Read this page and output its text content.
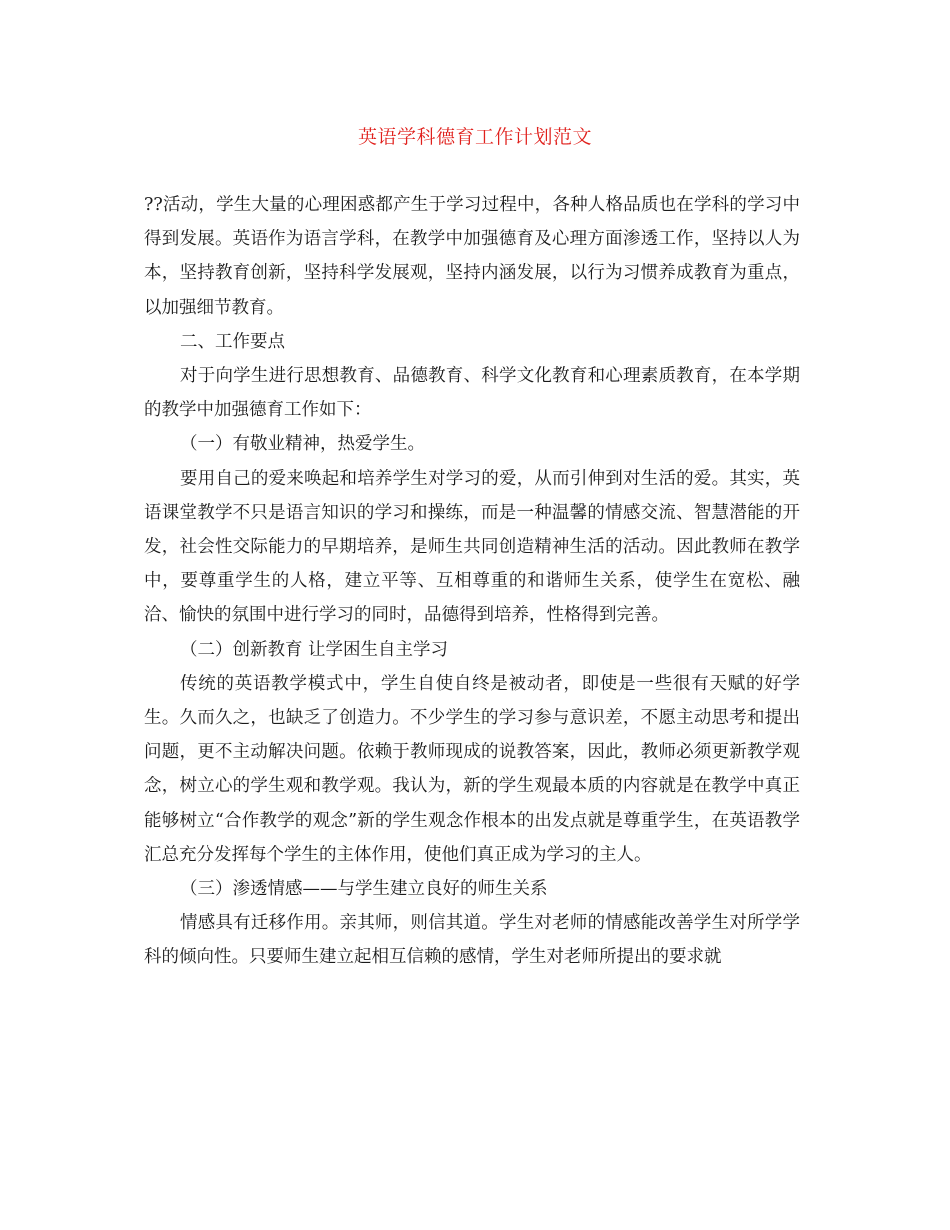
英语学科德育工作计划范文

??活动，学生大量的心理困惑都产生于学习过程中，各种人格品质也在学科的学习中得到发展。英语作为语言学科，在教学中加强德育及心理方面渗透工作，坚持以人为本，坚持教育创新，坚持科学发展观，坚持内涵发展，以行为习惯养成教育为重点，以加强细节教育。

二、工作要点

对于向学生进行思想教育、品德教育、科学文化教育和心理素质教育，在本学期的教学中加强德育工作如下：

（一）有敬业精神，热爱学生。

要用自己的爱来唤起和培养学生对学习的爱，从而引伸到对生活的爱。其实，英语课堂教学不只是语言知识的学习和操练，而是一种温馨的情感交流、智慧潜能的开发，社会性交际能力的早期培养，是师生共同创造精神生活的活动。因此教师在教学中，要尊重学生的人格，建立平等、互相尊重的和谐师生关系，使学生在宽松、融洽、愉快的氛围中进行学习的同时，品德得到培养，性格得到完善。

（二）创新教育 让学困生自主学习

传统的英语教学模式中，学生自使自终是被动者，即使是一些很有天赋的好学生。久而久之，也缺乏了创造力。不少学生的学习参与意识差，不愿主动思考和提出问题，更不主动解决问题。依赖于教师现成的说教答案，因此，教师必须更新教学观念，树立心的学生观和教学观。我认为，新的学生观最本质的内容就是在教学中真正能够树立“合作教学的观念”新的学生观念作根本的出发点就是尊重学生，在英语教学汇总充分发挥每个学生的主体作用，使他们真正成为学习的主人。

（三）渗透情感——与学生建立良好的师生关系

情感具有迁移作用。亲其师，则信其道。学生对老师的情感能改善学生对所学学科的倾向性。只要师生建立起相互信赖的感情，学生对老师所提出的要求就
